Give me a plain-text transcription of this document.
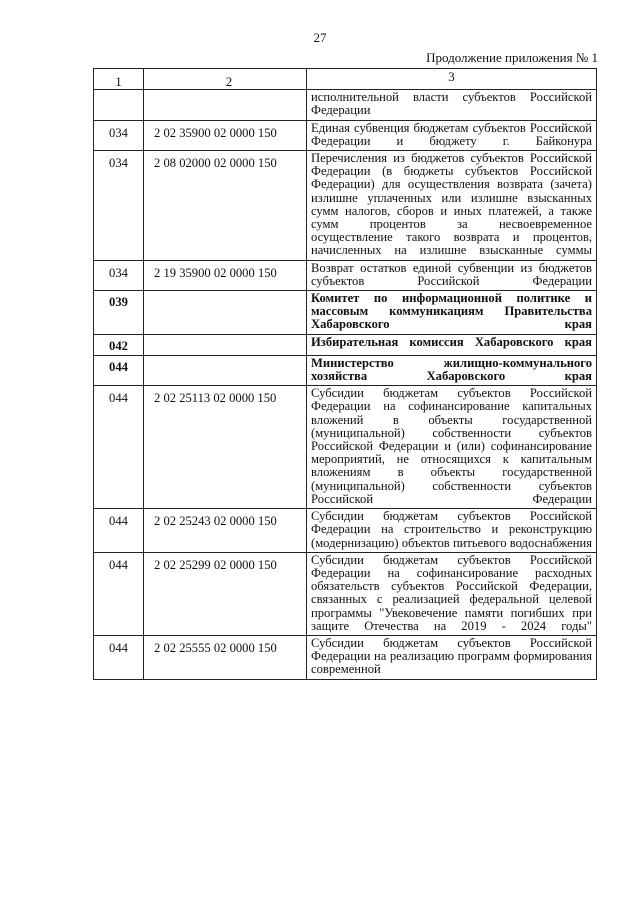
27
Продолжение приложения № 1
1	2	3
		исполнительной власти субъектов Российской Федерации
034	2 02 35900 02 0000 150	Единая субвенция бюджетам субъектов Российской Федерации и бюджету г. Байконура
034	2 08 02000 02 0000 150	Перечисления из бюджетов субъектов Российской Федерации (в бюджеты субъектов Российской Федерации) для осуществления возврата (зачета) излишне уплаченных или излишне взысканных сумм налогов, сборов и иных платежей, а также сумм процентов за несвоевременное осуществление такого возврата и процентов, начисленных на излишне взысканные суммы
034	2 19 35900 02 0000 150	Возврат остатков единой субвенции из бюджетов субъектов Российской Федерации
039		Комитет по информационной политике и массовым коммуникациям Правительства Хабаровского края
042		Избирательная комиссия Хабаровского края
044		Министерство жилищно-коммунального хозяйства Хабаровского края
044	2 02 25113 02 0000 150	Субсидии бюджетам субъектов Российской Федерации на софинансирование капитальных вложений в объекты государственной (муниципальной) собственности субъектов Российской Федерации и (или) софинансирование мероприятий, не относящихся к капитальным вложениям в объекты государственной (муниципальной) собственности субъектов Российской Федерации
044	2 02 25243 02 0000 150	Субсидии бюджетам субъектов Российской Федерации на строительство и реконструкцию (модернизацию) объектов питьевого водоснабжения
044	2 02 25299 02 0000 150	Субсидии бюджетам субъектов Российской Федерации на софинансирование расходных обязательств субъектов Российской Федерации, связанных с реализацией федеральной целевой программы "Увековечение памяти погибших при защите Отечества на 2019 - 2024 годы"
044	2 02 25555 02 0000 150	Субсидии бюджетам субъектов Российской Федерации на реализацию программ формирования современной
